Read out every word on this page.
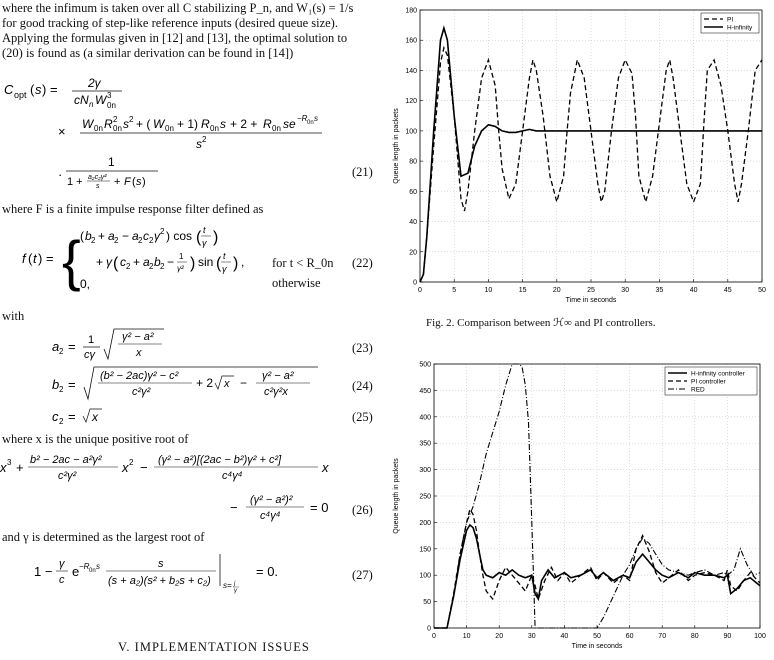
where the infimum is taken over all C stabilizing P_n, and W₁(s) = 1/s
for good tracking of step-like reference inputs (desired queue size).
Applying the formulas given in [12] and [13], the optimal solution to
(20) is found as (a similar derivation can be found in [14])
C opt ( s ) =	2γ
cN n W 3
0n
× W 0n R 2
0n s 2 + ( W 0n + 1) R 0n s + 2 + R 0n se −R 0n s
s 2
·
1
1 + a₂c₂γ²
s + F ( s )
(21)
where F is a finite impulse response filter defined as
f ( t ) = { ( b 2 + a 2 − a 2 c 2 γ 2 ) cos ( t
γ )
+ γ ( c 2 + a 2 b 2 − 1
γ² ) sin ( t
γ ) ,
0,
for t < R_0n
otherwise
(22)
with
a 2 = 1
cγ
γ² − a²
x
b 2 =
(b² − 2ac)γ² − c²
c²γ²
+ 2 x − γ² − a²
c²γ²x
c 2 = x
(23)
(24)
(25)
where x is the unique positive root of
x 3 + b² − 2ac − a²γ²
c²γ²
x 2 − (γ² − a²)[(2ac − b²)γ² + c²]
c⁴γ⁴
x
− (γ² − a²)²
c⁴γ⁴
= 0 (26)
and γ is determined as the largest root of
1 − γ
c
e −R 0n s	s
(s + a₂)(s² + b₂s + c₂) s= j
γ
= 0.	(27)
V. IMPLEMENTATION ISSUES
0	5	10	15	20	25	30	35	40	45	50
0
20
40
60
80
100
120
140
160
180
Time in seconds
Queue length in packets
PI
H-infinity
Fig. 2. Comparison between ℋ∞ and PI controllers.
0	10	20	30	40	50	60	70	80	90	100
0
50
100
150
200
250
300
350
400
450
500
Time in seconds
Queue length in packets
H-infinity controller
PI controller
RED
